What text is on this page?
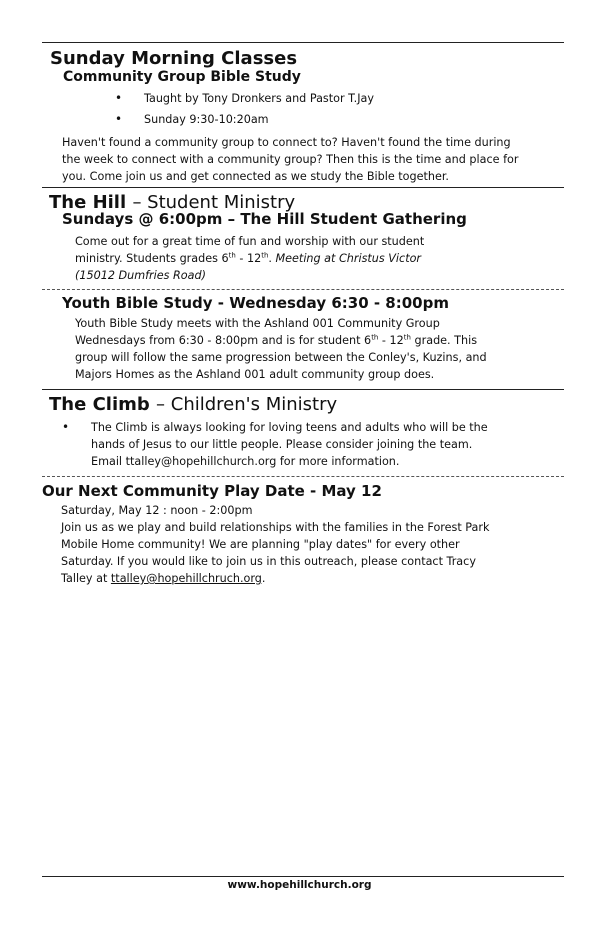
Sunday Morning Classes
Community Group Bible Study
• Taught by Tony Dronkers and Pastor T.Jay
• Sunday 9:30-10:20am
Haven't found a community group to connect to? Haven't found the time during
the week to connect with a community group? Then this is the time and place for
you. Come join us and get connected as we study the Bible together.
The Hill – Student Ministry
Sundays @ 6:00pm – The Hill Student Gathering
Come out for a great time of fun and worship with our student
ministry. Students grades 6th - 12th. Meeting at Christus Victor
(15012 Dumfries Road)
Youth Bible Study - Wednesday 6:30 - 8:00pm
Youth Bible Study meets with the Ashland 001 Community Group
Wednesdays from 6:30 - 8:00pm and is for student 6th - 12th grade. This
group will follow the same progression between the Conley's, Kuzins, and
Majors Homes as the Ashland 001 adult community group does.
The Climb – Children's Ministry
• The Climb is always looking for loving teens and adults who will be the
hands of Jesus to our little people. Please consider joining the team.
Email ttalley@hopehillchurch.org for more information.
Our Next Community Play Date - May 12
Saturday, May 12 : noon - 2:00pm
Join us as we play and build relationships with the families in the Forest Park
Mobile Home community! We are planning "play dates" for every other
Saturday. If you would like to join us in this outreach, please contact Tracy
Talley at ttalley@hopehillchruch.org.
www.hopehillchurch.org
